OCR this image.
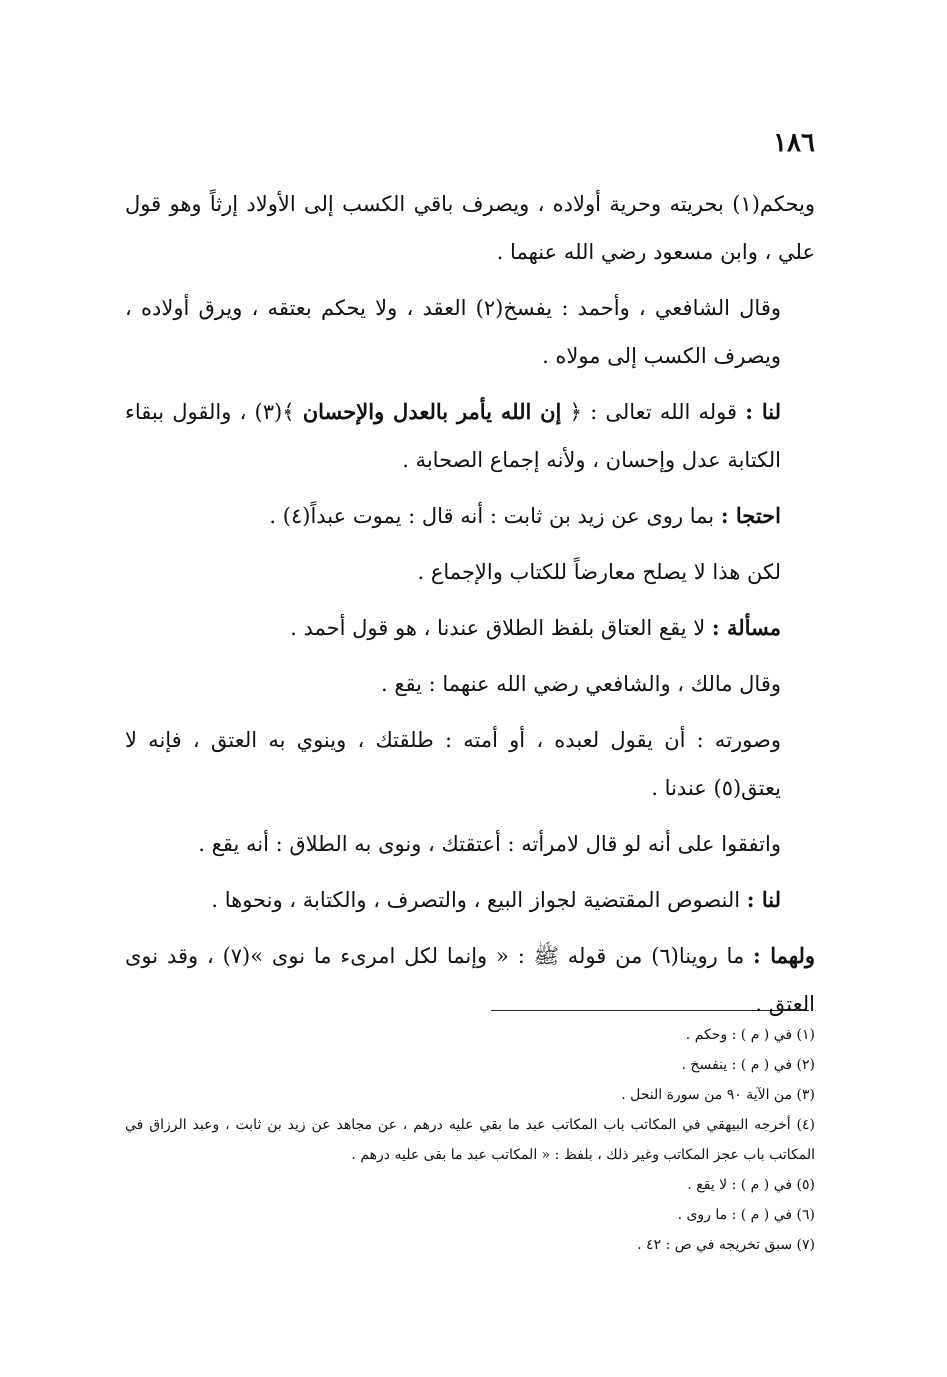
١٨٦

ويحكم(١) بحريته وحرية أولاده ، ويصرف باقي الكسب إلى الأولاد إرثاً وهو قول علي ، وابن مسعود رضي الله عنهما .

وقال الشافعي ، وأحمد : يفسخ(٢) العقد ، ولا يحكم بعتقه ، ويرق أولاده ، ويصرف الكسب إلى مولاه .

لنا : قوله الله تعالى : ﴿ إن الله يأمر بالعدل والإحسان ﴾(٣) ، والقول ببقاء الكتابة عدل وإحسان ، ولأنه إجماع الصحابة .

احتجا : بما روى عن زيد بن ثابت : أنه قال : يموت عبداً(٤) .

لكن هذا لا يصلح معارضاً للكتاب والإجماع .

مسألة : لا يقع العتاق بلفظ الطلاق عندنا ، هو قول أحمد .

وقال مالك ، والشافعي رضي الله عنهما : يقع .

وصورته : أن يقول لعبده ، أو أمته : طلقتك ، وينوي به العتق ، فإنه لا يعتق(٥) عندنا .

واتفقوا على أنه لو قال لامرأته : أعتقتك ، ونوى به الطلاق : أنه يقع .

لنا : النصوص المقتضية لجواز البيع ، والتصرف ، والكتابة ، ونحوها .

ولهما : ما روينا(٦) من قوله ﷺ : « وإنما لكل امرىء ما نوى »(٧) ، وقد نوى العتق .

(١) في ( م ) : وحكم .

(٢) في ( م ) : ينفسخ .

(٣) من الآية ٩٠ من سورة النحل .

(٤) أخرجه البيهقي في المكاتب باب المكاتب عبد ما بقي عليه درهم ، عن مجاهد عن زيد بن ثابت ، وعبد الرزاق في المكاتب باب عجز المكاتب وغير ذلك ، بلفظ : « المكاتب عبد ما بقى عليه درهم .

(٥) في ( م ) : لا يقع .

(٦) في ( م ) : ما روى .

(٧) سبق تخريجه في ص : ٤٢ .
